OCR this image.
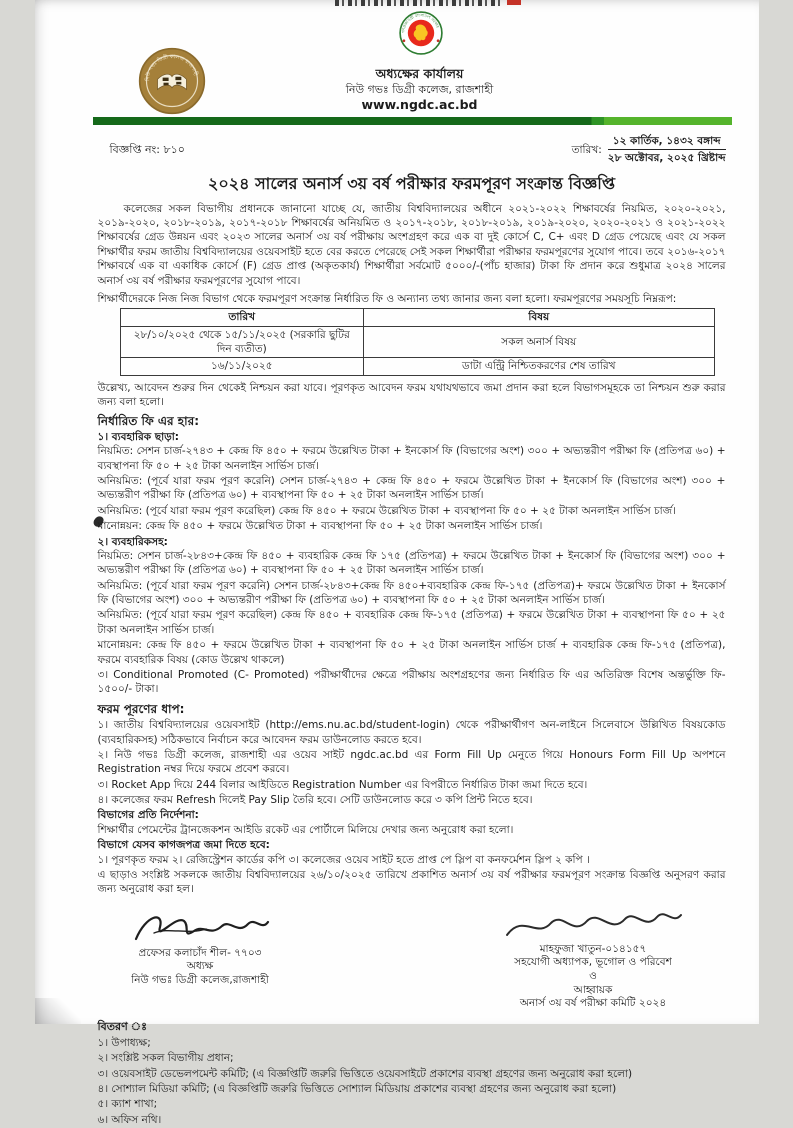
গণপ্রজাতন্ত্রী বাংলাদেশ সরকার
নিউ গভঃ ডিগ্রী কলেজ রাজশাহী	অধ্যক্ষের কার্যালয়
নিউ গভঃ ডিগ্রী কলেজ, রাজশাহী
www.ngdc.ac.bd
বিজ্ঞপ্তি নং: ৮১০	তারিখ: $\frac{\text{১২ কার্তিক, ১৪৩২ বঙ্গাব্দ}}{\text{২৮ অক্টোবর, ২০২৫ খ্রিষ্টাব্দ}}$
২০২৪ সালের অনার্স ৩য় বর্ষ পরীক্ষার ফরমপূরণ সংক্রান্ত বিজ্ঞপ্তি

কলেজের সকল বিভাগীয় প্রধানকে জানানো যাচ্ছে যে, জাতীয় বিশ্ববিদ্যালয়ের অধীনে ২০২১-২০২২ শিক্ষাবর্ষের নিয়মিত, ২০২০-২০২১, ২০১৯-২০২০, ২০১৮-২০১৯, ২০১৭-২০১৮ শিক্ষাবর্ষের অনিয়মিত ও ২০১৭-২০১৮, ২০১৮-২০১৯, ২০১৯-২০২০, ২০২০-২০২১ ও ২০২১-২০২২ শিক্ষাবর্ষের গ্রেড উন্নয়ন এবং ২০২৩ সালের অনার্স ৩য় বর্ষ পরীক্ষায় অংশগ্রহণ করে এক বা দুই কোর্সে C, C+ এবং D গ্রেড পেয়েছে এবং যে সকল শিক্ষার্থীর ফরম জাতীয় বিশ্ববিদ্যালয়ের ওয়েবসাইট হতে বের করতে পেরেছে সেই সকল শিক্ষার্থীরা পরীক্ষার ফরমপূরণের সুযোগ পাবে। তবে ২০১৬-২০১৭ শিক্ষাবর্ষে এক বা একাধিক কোর্সে (F) গ্রেড প্রাপ্ত (অকৃতকার্য) শিক্ষার্থীরা সর্বমোট ৫০০০/-(পাঁচ হাজার) টাকা ফি প্রদান করে শুধুমাত্র ২০২৪ সালের অনার্স ৩য় বর্ষ পরীক্ষার ফরমপূরণের সুযোগ পাবে।

শিক্ষার্থীদেরকে নিজ নিজ বিভাগ থেকে ফরমপূরণ সংক্রান্ত নির্ধারিত ফি ও অন্যান্য তথ্য জানার জন্য বলা হলো। ফরমপূরণের সময়সূচি নিম্নরূপ:

তারিখ	বিষয়
২৮/১০/২০২৫ থেকে ১৫/১১/২০২৫ (সরকারি ছুটির দিন ব্যতীত)	সকল অনার্স বিষয়
১৬/১১/২০২৫	ডাটা এন্ট্রি নিশ্চিতকরণের শেষ তারিখ

উল্লেখ্য, আবেদন শুরুর দিন থেকেই নিশ্চয়ন করা যাবে। পূরণকৃত আবেদন ফরম যথাযথভাবে জমা প্রদান করা হলে বিভাগসমূহকে তা নিশ্চয়ন শুরু করার জন্য বলা হলো।

নির্ধারিত ফি এর হার:
১। ব্যবহারিক ছাড়া:

নিয়মিত: সেশন চার্জ-২৭৪৩ + কেন্দ্র ফি ৪৫০ + ফরমে উল্লেখিত টাকা + ইনকোর্স ফি (বিভাগের অংশ) ৩০০ + অভ্যন্তরীণ পরীক্ষা ফি (প্রতিপত্র ৬০) + ব্যবস্থাপনা ফি ৫০ + ২৫ টাকা অনলাইন সার্ভিস চার্জ।

অনিয়মিত: (পূর্বে যারা ফরম পূরণ করেনি) সেশন চার্জ-২৭৪৩ + কেন্দ্র ফি ৪৫০ + ফরমে উল্লেখিত টাকা + ইনকোর্স ফি (বিভাগের অংশ) ৩০০ + অভ্যন্তরীণ পরীক্ষা ফি (প্রতিপত্র ৬০) + ব্যবস্থাপনা ফি ৫০ + ২৫ টাকা অনলাইন সার্ভিস চার্জ।

অনিয়মিত: (পূর্বে যারা ফরম পূরণ করেছিল) কেন্দ্র ফি ৪৫০ + ফরমে উল্লেখিত টাকা + ব্যবস্থাপনা ফি ৫০ + ২৫ টাকা অনলাইন সার্ভিস চার্জ।

মানোন্নয়ন: কেন্দ্র ফি ৪৫০ + ফরমে উল্লেখিত টাকা + ব্যবস্থাপনা ফি ৫০ + ২৫ টাকা অনলাইন সার্ভিস চার্জ।

২। ব্যবহারিকসহ:

নিয়মিত: সেশন চার্জ-২৮৪৩+কেন্দ্র ফি ৪৫০ + ব্যবহারিক কেন্দ্র ফি ১৭৫ (প্রতিপত্র) + ফরমে উল্লেখিত টাকা + ইনকোর্স ফি (বিভাগের অংশ) ৩০০ + অভ্যন্তরীণ পরীক্ষা ফি (প্রতিপত্র ৬০) + ব্যবস্থাপনা ফি ৫০ + ২৫ টাকা অনলাইন সার্ভিস চার্জ।

অনিয়মিত: (পূর্বে যারা ফরম পূরণ করেনি) সেশন চার্জ-২৮৪৩+কেন্দ্র ফি ৪৫০+ব্যবহারিক কেন্দ্র ফি-১৭৫ (প্রতিপত্র)+ ফরমে উল্লেখিত টাকা + ইনকোর্স ফি (বিভাগের অংশ) ৩০০ + অভ্যন্তরীণ পরীক্ষা ফি (প্রতিপত্র ৬০) + ব্যবস্থাপনা ফি ৫০ + ২৫ টাকা অনলাইন সার্ভিস চার্জ।

অনিয়মিত: (পূর্বে যারা ফরম পূরণ করেছিল) কেন্দ্র ফি ৪৫০ + ব্যবহারিক কেন্দ্র ফি-১৭৫ (প্রতিপত্র) + ফরমে উল্লেখিত টাকা + ব্যবস্থাপনা ফি ৫০ + ২৫ টাকা অনলাইন সার্ভিস চার্জ।

মানোন্নয়ন: কেন্দ্র ফি ৪৫০ + ফরমে উল্লেখিত টাকা + ব্যবস্থাপনা ফি ৫০ + ২৫ টাকা অনলাইন সার্ভিস চার্জ + ব্যবহারিক কেন্দ্র ফি-১৭৫ (প্রতিপত্র), ফরমে ব্যবহারিক বিষয় (কোড উল্লেখ থাকলে)

৩। Conditional Promoted (C- Promoted) পরীক্ষার্থীদের ক্ষেত্রে পরীক্ষায় অংশগ্রহণের জন্য নির্ধারিত ফি এর অতিরিক্ত বিশেষ অন্তর্ভুক্তি ফি- ১৫০০/- টাকা।

ফরম পূরণের ধাপ:

১। জাতীয় বিশ্ববিদ্যালয়ের ওয়েবসাইট (http://ems.nu.ac.bd/student-login) থেকে পরীক্ষার্থীগণ অন-লাইনে সিলেবাসে উল্লিখিত বিষয়কোড (ব্যবহারিকসহ) সঠিকভাবে নির্বাচন করে আবেদন ফরম ডাউনলোড করতে হবে।

২। নিউ গভঃ ডিগ্রী কলেজ, রাজশাহী এর ওয়েব সাইট ngdc.ac.bd এর Form Fill Up মেনুতে গিয়ে Honours Form Fill Up অপশনে Registration নম্বর দিয়ে ফরমে প্রবেশ করবে।

৩। Rocket App দিয়ে 244 বিলার আইডিতে Registration Number এর বিপরীতে নির্ধারিত টাকা জমা দিতে হবে।

৪। কলেজের ফরম Refresh দিলেই Pay Slip তৈরি হবে। সেটি ডাউনলোড করে ৩ কপি প্রিন্ট নিতে হবে।

বিভাগের প্রতি নির্দেশনা:

শিক্ষার্থীর পেমেন্টের ট্রানজেকশন আইডি রকেট এর পোর্টালে মিলিয়ে দেখার জন্য অনুরোধ করা হলো।

বিভাগে যেসব কাগজপত্র জমা দিতে হবে:

১। পূরণকৃত ফরম ২। রেজিস্ট্রেশন কার্ডের কপি ৩। কলেজের ওয়েব সাইট হতে প্রাপ্ত পে স্লিপ বা কনফর্মেশন স্লিপ ২ কপি ।

এ ছাড়াও সংশ্লিষ্ট সকলকে জাতীয় বিশ্ববিদ্যালয়ের ২৬/১০/২০২৫ তারিখে প্রকাশিত অনার্স ৩য় বর্ষ পরীক্ষার ফরমপূরণ সংক্রান্ত বিজ্ঞপ্তি অনুসরণ করার জন্য অনুরোধ করা হল।

প্রফেসর কলাচাঁদ শীল- ৭৭০৩
অধ্যক্ষ
নিউ গভঃ ডিগ্রী কলেজ,রাজশাহী
মাহফুজা খাতুন-০১৪১৫৭
সহযোগী অধ্যাপক, ভূগোল ও পরিবেশ
ও
আহ্বায়ক
অনার্স ৩য় বর্ষ পরীক্ষা কমিটি ২০২৪
বিতরণ ঃ

১। উপাধ্যক্ষ;

২। সংশ্লিষ্ট সকল বিভাগীয় প্রধান;

৩। ওয়েবসাইট ডেভেলপমেন্ট কমিটি; (এ বিজ্ঞপ্তিটি জরুরি ভিত্তিতে ওয়েবসাইটে প্রকাশের ব্যবস্থা গ্রহণের জন্য অনুরোধ করা হলো)

৪। সোশ্যাল মিডিয়া কমিটি; (এ বিজ্ঞপ্তিটি জরুরি ভিত্তিতে সোশ্যাল মিডিয়ায় প্রকাশের ব্যবস্থা গ্রহণের জন্য অনুরোধ করা হলো)

৫। ক্যাশ শাখা;

৬। অফিস নথি।
